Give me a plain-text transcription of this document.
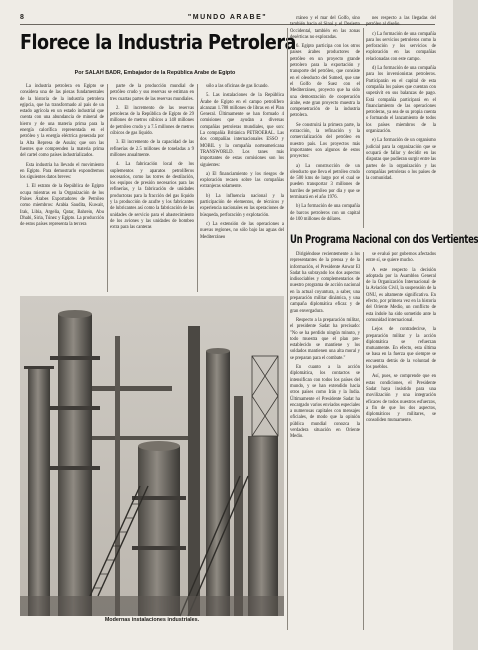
8	"MUNDO ARABE"
Florece la Industria Petrolera
Por SALAH BADR, Embajador de la República Arabe de Egipto

La industria petrolera en Egipto se considera una de las piezas fundamentales de la historia de la industria petrolera egipcia, que ha transformado al país de un estado agrícola en un estado industrial que cuenta con una abundancia de mineral de hierro y de una materia prima para la energía calorífica representada en el petróleo y la energía eléctrica generada por la Alta Represa de Asuán; que son las fuentes que comprenden la materia prima del cartel como países industrializados.

Esta industria ha llevado el movimiento en Egipto. Para demostrarlo expondremos los siguientes datos breves:

1. El estrato de la República de Egipto ocupa mientras en la Organización de los Países Árabes Exportadores de Petróleo como miembros: Arabia Saudita, Kuwait, Irak, Libia, Argelia, Qatar, Bahrein, Abu Dhabi, Siria, Túnez y Egipto. La producción de estos países representa la tercera

parte de la producción mundial de petróleo crudo y sus reservas se estiman en tres cuartas partes de las reservas mundiales.

2. El incremento de las reservas petroleras de la República de Egipto de 29 millones de metros cúbicos a 148 millones de petróleo crudo y a 7.5 millones de metros cúbicos de gas líquido.

3. El incremento de la capacidad de las refinerías de 2.5 millones de toneladas a 9 millones anualmente.

4. La fabricación local de los suplementos y aparatos petrolíferos necesarios, como las torres de destilación, los equipos de presión necesarios para las refinerías, y la fabricación de unidades productoras para la fracción del gas líquido y la producción de azufre y los fabricantes de lubricantes así como la fabricación de las unidades de servicio para el abastecimiento de los aviones y las unidades de bombeo extra para las canteras

sólo a las oficinas de gas licuado.

5. Las instalaciones de la República Árabe de Egipto en el campo petrolífero alcanzan 1.788 millones de libras en el Plan General. Últimamente se han formado 4 comisiones que ayudan a diversas compañías petroleras mundiales, que son: La compañía Británica PETROERAL. Las dos compañías internacionales ESSO y MOBIL y la compañía norteamericana TRANSWORLD. Los tanes más importantes de estas comisiones son los siguientes:

a) El financiamiento y los riesgos de exploración recaen sobre las compañías extranjeras solamente.

b) La influencia nacional y la participación de elementos, de técnicos y experiencia nacionales en las operaciones de búsqueda, perforación y explotación.

c) La extensión de las operaciones a nuevas regiones, no sólo bajo las aguas del Mediterráneo

rráneo y el mar del Golfo, sino también hacia el Sinaí y el Desierto Occidental, también en las zonas desérticas no exploradas.

6. Egipto participa con los otros países árabes productores de petróleo en un proyecto grande petrolero para la exportación y transporte del petróleo, que consiste en el oleoducto del Sumed, que une el Golfo de Suez con el Mediterráneo, proyecto que ha sido una demostración de cooperación árabe, este gran proyecto muestra la compenetración de la industria petrolera.

Se construirá la primera parte, la extracción, la refinación y la comercialización del petróleo en nuestro país. Los proyectos más importantes son algunos de estos proyectos:

a) La construcción de un oleoducto que lleva el petróleo crudo de 500 kms de largo por el cual se pueden transportar 3 millones de barriles de petróleo por día y que se terminará en el año 1976.

b) La formación de una compañía de barcos petroleros con un capital de 100 millones de dólares.

nes respecto a las llegadas del petróleo al diseño.

c) La formación de una compañía para los servicios petroleros como la perforación y los servicios de exploración en las compañías relacionadas con este campo.

d) La formación de una compañía para los inversionistas petroleros. Participarán en el capital de esta compañía los países que cuentan con superávit en sus balanzas de pago. Está compañía participará en el financiamiento de las operaciones petroleras, ya sea de su propia cuenta o formando el lanzamiento de todos los países miembros de la organización.

e) La formación de un organismo judicial para la organización que se ocupará de fallar y decidir en las disputas que pudieran surgir entre las partes de la organización y las compañías petroleras o los países de la comunidad.

Un Programa Nacional con dos Vertientes

Dirigiéndose recientemente a los representantes de la prensa y de la información, el Presidente Anwar El Sadat ha subrayado los dos aspectos indisociables y complementarios de nuestro programa de acción nacional en la actual coyuntura, a saber, una preparación militar dinámica, y una campaña diplomática eficaz y de gran envergadura.

Respecto a la preparación militar, el presidente Sadat ha precisado: "No se ha perdido ningún minuto, y todo muestra que el plan pre-establecido se mantiene y los soldados mantienen una alta moral y se preparan para el combate."

En cuanto a la acción diplomática, los contactos se intensifican con todos los países del mundo, y se han extendido hacia otros países como Irán y la India. Últimamente el Presidente Sadat ha encargado varios enviados especiales a numerosas capitales con mensajes oficiales, de modo que la opinión pública mundial conozca la verdadera situación en Oriente Medio.

se evaluó por gobernos afectados entre sí, se quiere mucho.

A este respecto la decisión adoptada por la Asamblea General de la Organización Internacional de la Aviación Civil, la suspensión de la ONU, es altamente significativa. En efecto, por primera vez en la historia del Oriente Medio, un conflicto de esta índole ha sido sometido ante la comunidad internacional.

Lejos de contradecirse, la preparación militar y la acción diplomática se refuerzan mutuamente. En efecto, esta última se basa en la fuerza que siempre se encuentra detrás de la voluntad de los pueblos.

Así, pues, se comprende que en estas condiciones, el Presidente Sadat haya insistido para una movilización y una integración eficaces de todos nuestros esfuerzos, a fin de que los dos aspectos, diplomáticos y militares, se consoliden mutuamente.

Modernas instalaciones industriales.
